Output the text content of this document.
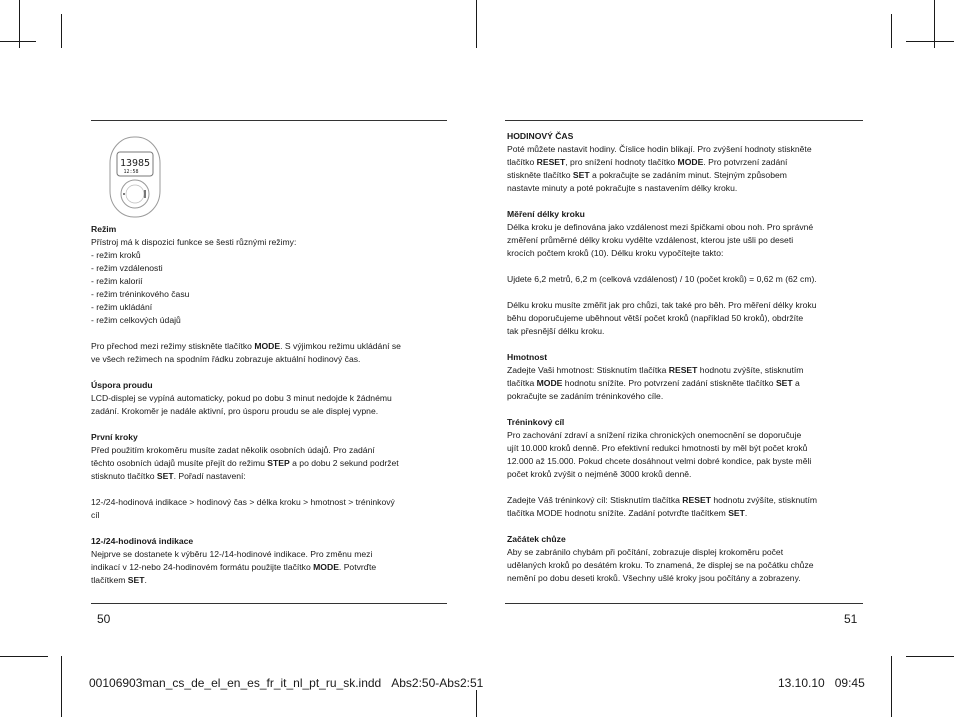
13985
12:58

Režim
Přístroj má k dispozici funkce se šesti různými režimy:
- režim kroků
- režim vzdálenosti
- režim kalorií
- režim tréninkového času
- režim ukládání
- režim celkových údajů

Pro přechod mezi režimy stiskněte tlačítko MODE. S výjimkou režimu ukládání se
ve všech režimech na spodním řádku zobrazuje aktuální hodinový čas.

Úspora proudu
LCD-displej se vypíná automaticky, pokud po dobu 3 minut nedojde k žádnému
zadání. Krokoměr je nadále aktivní, pro úsporu proudu se ale displej vypne.

První kroky
Před použitím krokoměru musíte zadat několik osobních údajů. Pro zadání
těchto osobních údajů musíte přejít do režimu STEP a po dobu 2 sekund podržet
stisknuto tlačítko SET. Pořadí nastavení:

12-/24-hodinová indikace > hodinový čas > délka kroku > hmotnost > tréninkový
cíl

12-/24-hodinová indikace
Nejprve se dostanete k výběru 12-/14-hodinové indikace. Pro změnu mezi
indikací v 12-nebo 24-hodinovém formátu použijte tlačítko MODE. Potvrďte
tlačítkem SET.

HODINOVÝ ČAS
Poté můžete nastavit hodiny. Číslice hodin blikají. Pro zvýšení hodnoty stiskněte
tlačítko RESET, pro snížení hodnoty tlačítko MODE. Pro potvrzení zadání
stiskněte tlačítko SET a pokračujte se zadáním minut. Stejným způsobem
nastavte minuty a poté pokračujte s nastavením délky kroku.

Měření délky kroku
Délka kroku je definována jako vzdálenost mezi špičkami obou noh. Pro správné
změření průměrné délky kroku vydělte vzdálenost, kterou jste ušli po deseti
krocích počtem kroků (10). Délku kroku vypočítejte takto:

Ujdete 6,2 metrů, 6,2 m (celková vzdálenost) / 10 (počet kroků) = 0,62 m (62 cm).

Délku kroku musíte změřit jak pro chůzi, tak také pro běh. Pro měření délky kroku
běhu doporučujeme uběhnout větší počet kroků (například 50 kroků), obdržíte
tak přesnější délku kroku.

Hmotnost
Zadejte Vaši hmotnost: Stisknutím tlačítka RESET hodnotu zvýšíte, stisknutím
tlačítka MODE hodnotu snížíte. Pro potvrzení zadání stiskněte tlačítko SET a
pokračujte se zadáním tréninkového cíle.

Tréninkový cíl
Pro zachování zdraví a snížení rizika chronických onemocnění se doporučuje
ujít 10.000 kroků denně. Pro efektivní redukci hmotnosti by měl být počet kroků
12.000 až 15.000. Pokud chcete dosáhnout velmi dobré kondice, pak byste měli
počet kroků zvýšit o nejméně 3000 kroků denně.

Zadejte Váš tréninkový cíl: Stisknutím tlačítka RESET hodnotu zvýšíte, stisknutím
tlačítka MODE hodnotu snížíte. Zadání potvrďte tlačítkem SET.

Začátek chůze
Aby se zabránilo chybám při počítání, zobrazuje displej krokoměru počet
udělaných kroků po desátém kroku. To znamená, že displej se na počátku chůze
nemění po dobu deseti kroků. Všechny ušlé kroky jsou počítány a zobrazeny.

50	51
00106903man_cs_de_el_en_es_fr_it_nl_pt_ru_sk.indd Abs2:50-Abs2:51	13.10.10 09:45
